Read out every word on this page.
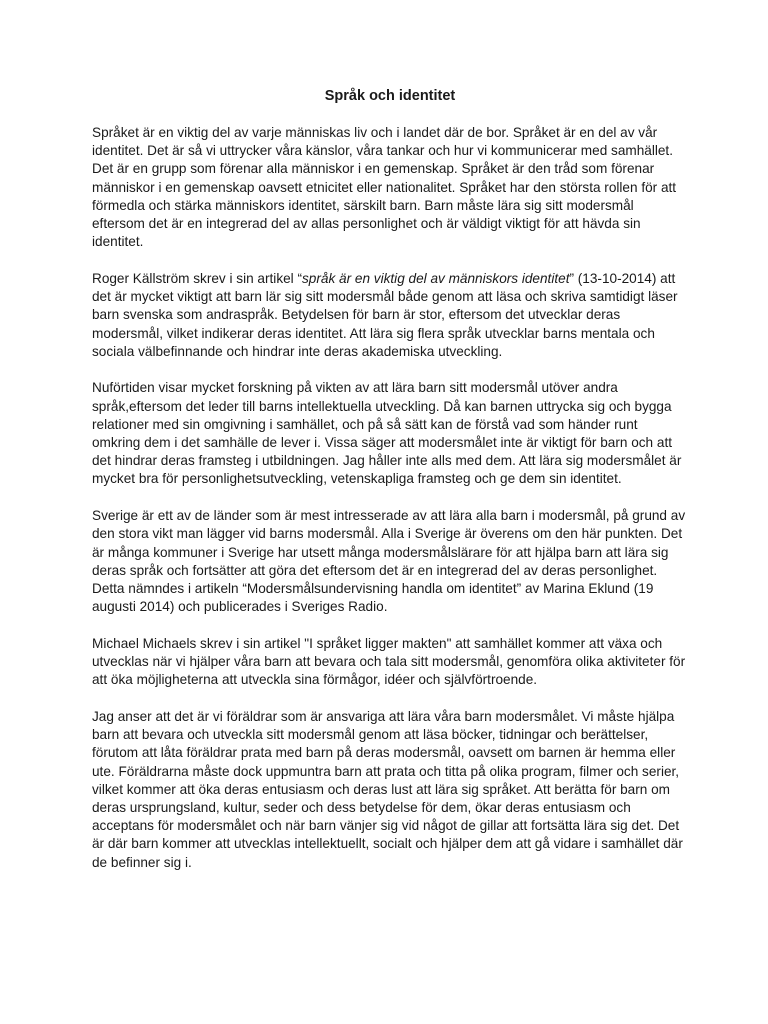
Språk och identitet

Språket är en viktig del av varje människas liv och i landet där de bor. Språket är en del av vår identitet. Det är så vi uttrycker våra känslor, våra tankar och hur vi kommunicerar med samhället. Det är en grupp som förenar alla människor i en gemenskap. Språket är den tråd som förenar människor i en gemenskap oavsett etnicitet eller nationalitet. Språket har den största rollen för att förmedla och stärka människors identitet, särskilt barn. Barn måste lära sig sitt modersmål eftersom det är en integrerad del av allas personlighet och är väldigt viktigt för att hävda sin identitet.

Roger Källström skrev i sin artikel “språk är en viktig del av människors identitet” (13-10-2014) att det är mycket viktigt att barn lär sig sitt modersmål både genom att läsa och skriva samtidigt läser barn svenska som andraspråk. Betydelsen för barn är stor, eftersom det utvecklar deras modersmål, vilket indikerar deras identitet. Att lära sig flera språk utvecklar barns mentala och sociala välbefinnande och hindrar inte deras akademiska utveckling.

Nuförtiden visar mycket forskning på vikten av att lära barn sitt modersmål utöver andra språk,eftersom det leder till barns intellektuella utveckling. Då kan barnen uttrycka sig och bygga relationer med sin omgivning i samhället, och på så sätt kan de förstå vad som händer runt omkring dem i det samhälle de lever i. Vissa säger att modersmålet inte är viktigt för barn och att det hindrar deras framsteg i utbildningen. Jag håller inte alls med dem. Att lära sig modersmålet är mycket bra för personlighetsutveckling, vetenskapliga framsteg och ge dem sin identitet.

Sverige är ett av de länder som är mest intresserade av att lära alla barn i modersmål, på grund av den stora vikt man lägger vid barns modersmål. Alla i Sverige är överens om den här punkten. Det är många kommuner i Sverige har utsett många modersmålslärare för att hjälpa barn att lära sig deras språk och fortsätter att göra det eftersom det är en integrerad del av deras personlighet. Detta nämndes i artikeln “Modersmålsundervisning handla om identitet” av Marina Eklund (19 augusti 2014) och publicerades i Sveriges Radio.

Michael Michaels skrev i sin artikel "I språket ligger makten" att samhället kommer att växa och utvecklas när vi hjälper våra barn att bevara och tala sitt modersmål, genomföra olika aktiviteter för att öka möjligheterna att utveckla sina förmågor, idéer och självförtroende.

Jag anser att det är vi föräldrar som är ansvariga att lära våra barn modersmålet. Vi måste hjälpa barn att bevara och utveckla sitt modersmål genom att läsa böcker, tidningar och berättelser, förutom att låta föräldrar prata med barn på deras modersmål, oavsett om barnen är hemma eller ute. Föräldrarna måste dock uppmuntra barn att prata och titta på olika program, filmer och serier, vilket kommer att öka deras entusiasm och deras lust att lära sig språket. Att berätta för barn om deras ursprungsland, kultur, seder och dess betydelse för dem, ökar deras entusiasm och acceptans för modersmålet och när barn vänjer sig vid något de gillar att fortsätta lära sig det. Det är där barn kommer att utvecklas intellektuellt, socialt och hjälper dem att gå vidare i samhället där de befinner sig i.
